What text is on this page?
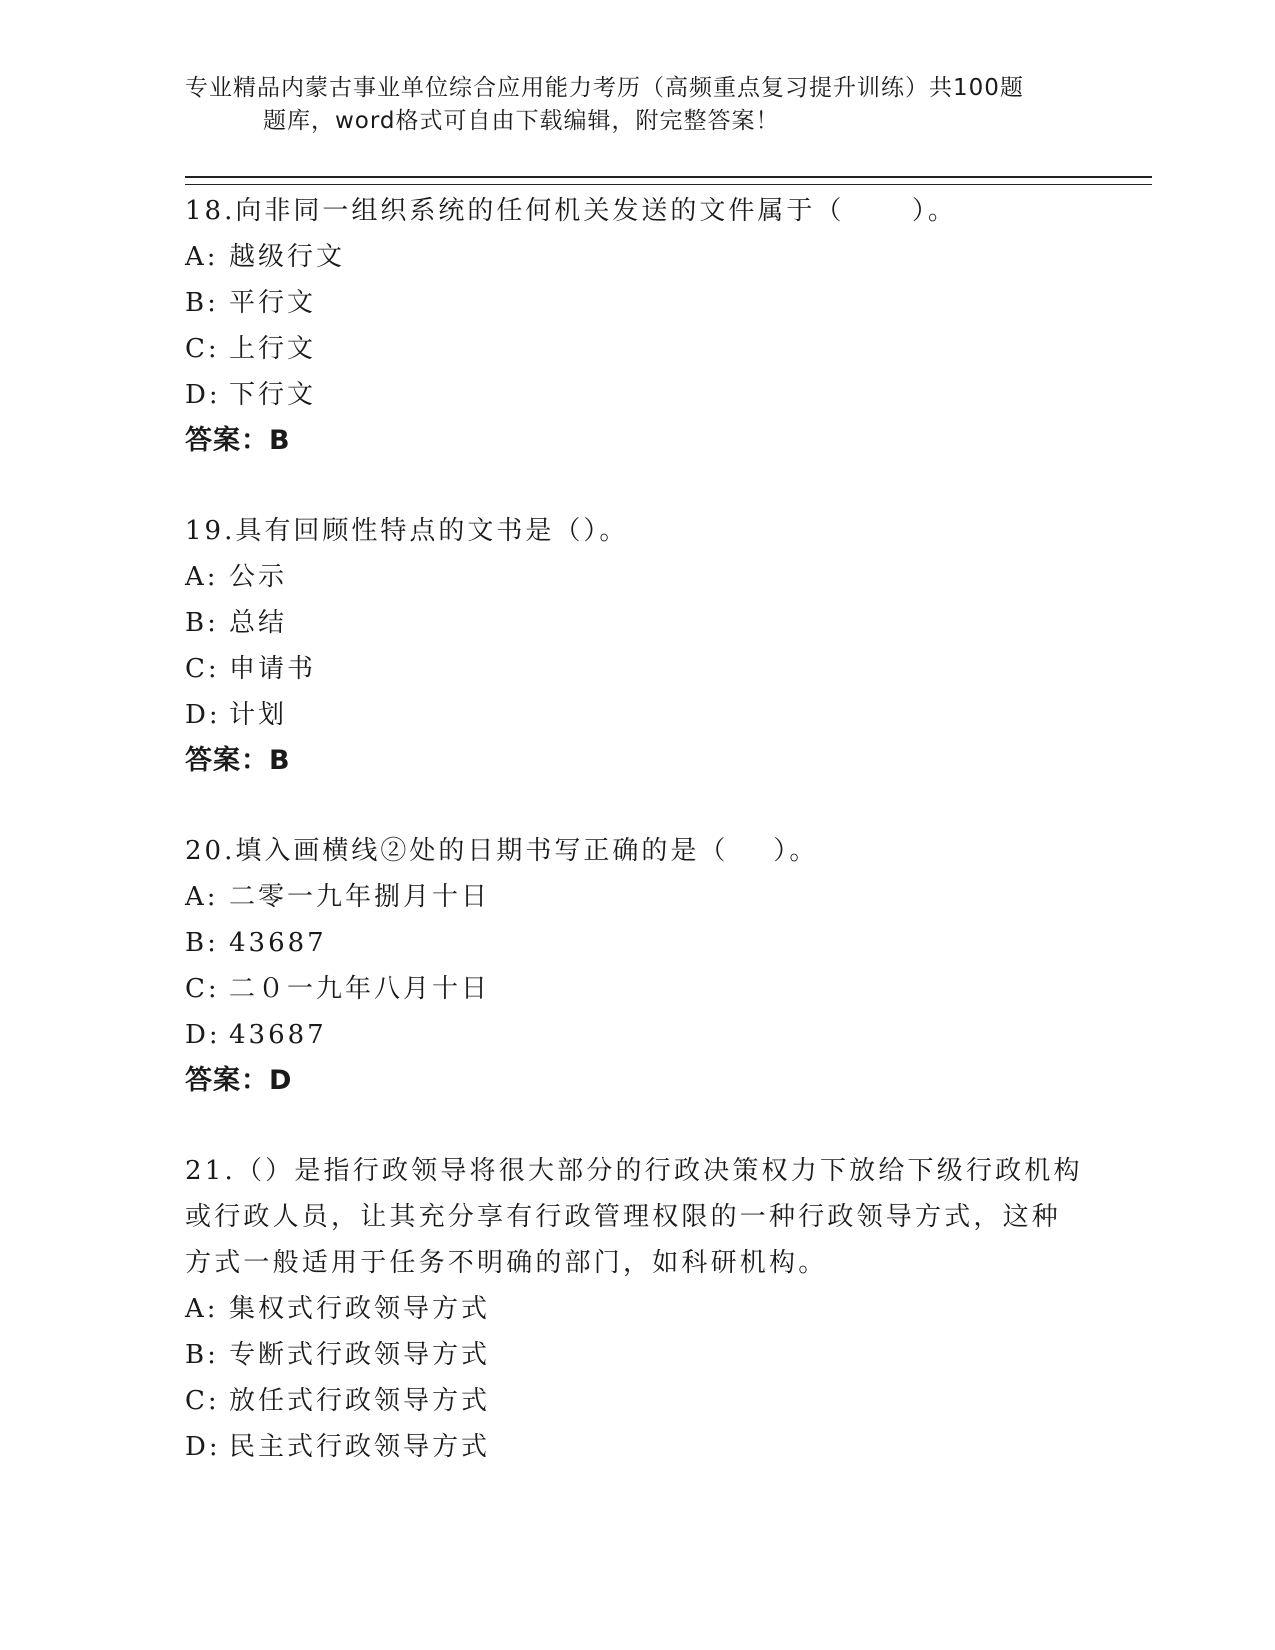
专业精品内蒙古事业单位综合应用能力考历（高频重点复习提升训练）共100题
题库，word格式可自由下载编辑，附完整答案！
18.向非同一组织系统的任何机关发送的文件属于（      ）。
A: 越级行文
B: 平行文
C: 上行文
D: 下行文
答案：B
19.具有回顾性特点的文书是（）。
A: 公示
B: 总结
C: 申请书
D: 计划
答案：B
20.填入画横线②处的日期书写正确的是（    ）。
A: 二零一九年捌月十日
B: 43687
C: 二０一九年八月十日
D: 43687
答案：D
21.（）是指行政领导将很大部分的行政决策权力下放给下级行政机构或行政人员，让其充分享有行政管理权限的一种行政领导方式，这种方式一般适用于任务不明确的部门，如科研机构。
A: 集权式行政领导方式
B: 专断式行政领导方式
C: 放任式行政领导方式
D: 民主式行政领导方式
